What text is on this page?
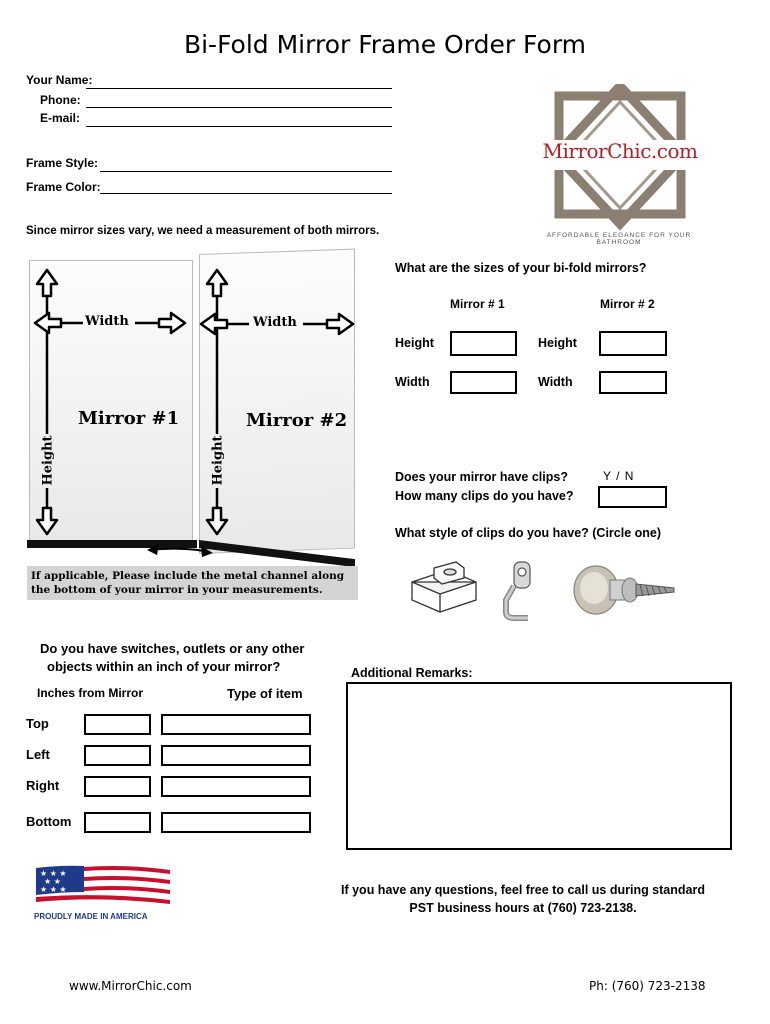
Bi-Fold Mirror Frame Order Form
Your Name:
Phone:
E-mail:
Frame Style:
Frame Color:
Since mirror sizes vary, we need a measurement of both mirrors.
MirrorChic.com
AFFORDABLE ELEGANCE FOR YOUR BATHROOM
Width	Width
Height	Height
Mirror #1	Mirror #2
If applicable, Please include the metal channel along
the bottom of your mirror in your measurements.
What are the sizes of your bi-fold mirrors?
Mirror # 1	Mirror # 2
Height	Height
Width	Width
Does your mirror have clips?	Y / N
How many clips do you have?
What style of clips do you have? (Circle one)
Do you have switches, outlets or any other
objects within an inch of your mirror?
Inches from Mirror	Type of item
Top
Left
Right
Bottom
Additional Remarks:
★ ★ ★
★ ★
★ ★ ★
PROUDLY MADE IN AMERICA
If you have any questions, feel free to call us during standard
PST business hours at (760) 723-2138.
www.MirrorChic.com	Ph: (760) 723-2138
